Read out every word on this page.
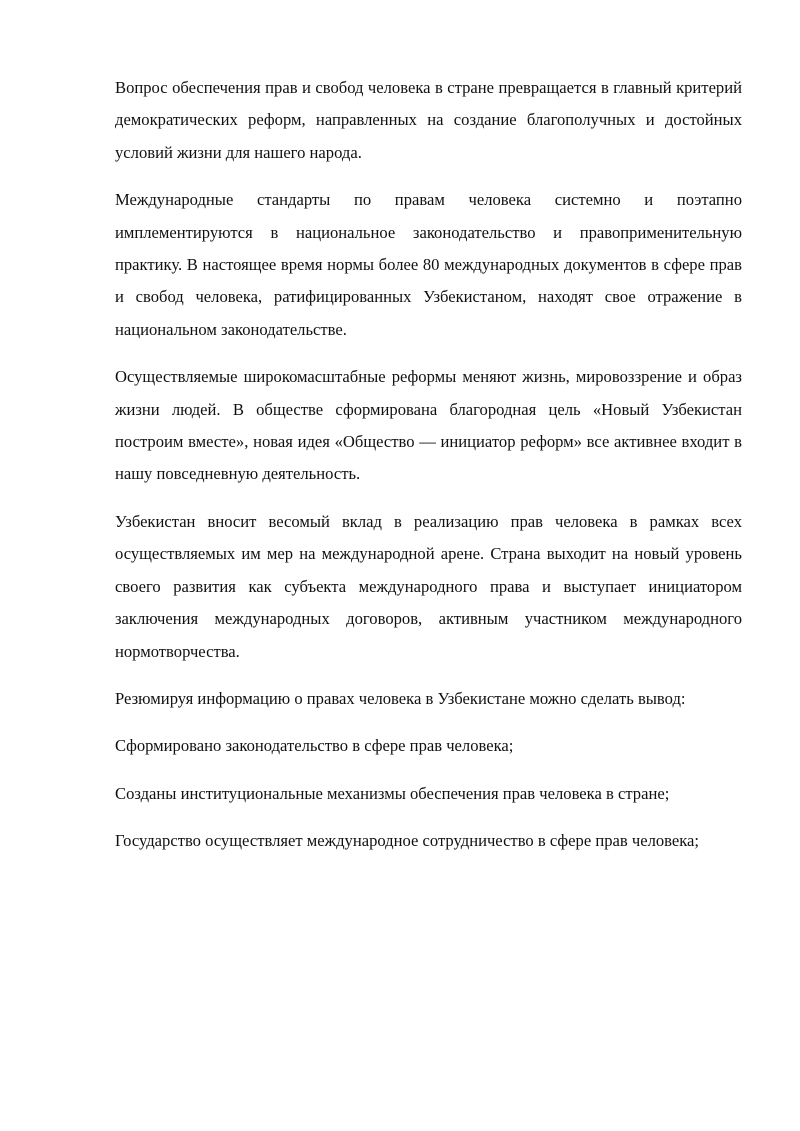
Вопрос обеспечения прав и свобод человека в стране превращается в главный критерий демократических реформ, направленных на создание благополучных и достойных условий жизни для нашего народа.

Международные стандарты по правам человека системно и поэтапно имплементируются в национальное законодательство и правоприменительную практику. В настоящее время нормы более 80 международных документов в сфере прав и свобод человека, ратифицированных Узбекистаном, находят свое отражение в национальном законодательстве.

Осуществляемые широкомасштабные реформы меняют жизнь, мировоззрение и образ жизни людей. В обществе сформирована благородная цель «Новый Узбекистан построим вместе», новая идея «Общество — инициатор реформ» все активнее входит в нашу повседневную деятельность.

Узбекистан вносит весомый вклад в реализацию прав человека в рамках всех осуществляемых им мер на международной арене. Страна выходит на новый уровень своего развития как субъекта международного права и выступает инициатором заключения международных договоров, активным участником международного нормотворчества.

Резюмируя информацию о правах человека в Узбекистане можно сделать вывод:

Сформировано законодательство в сфере прав человека;

Созданы институциональные механизмы обеспечения прав человека в стране;

Государство осуществляет международное сотрудничество в сфере прав человека;
